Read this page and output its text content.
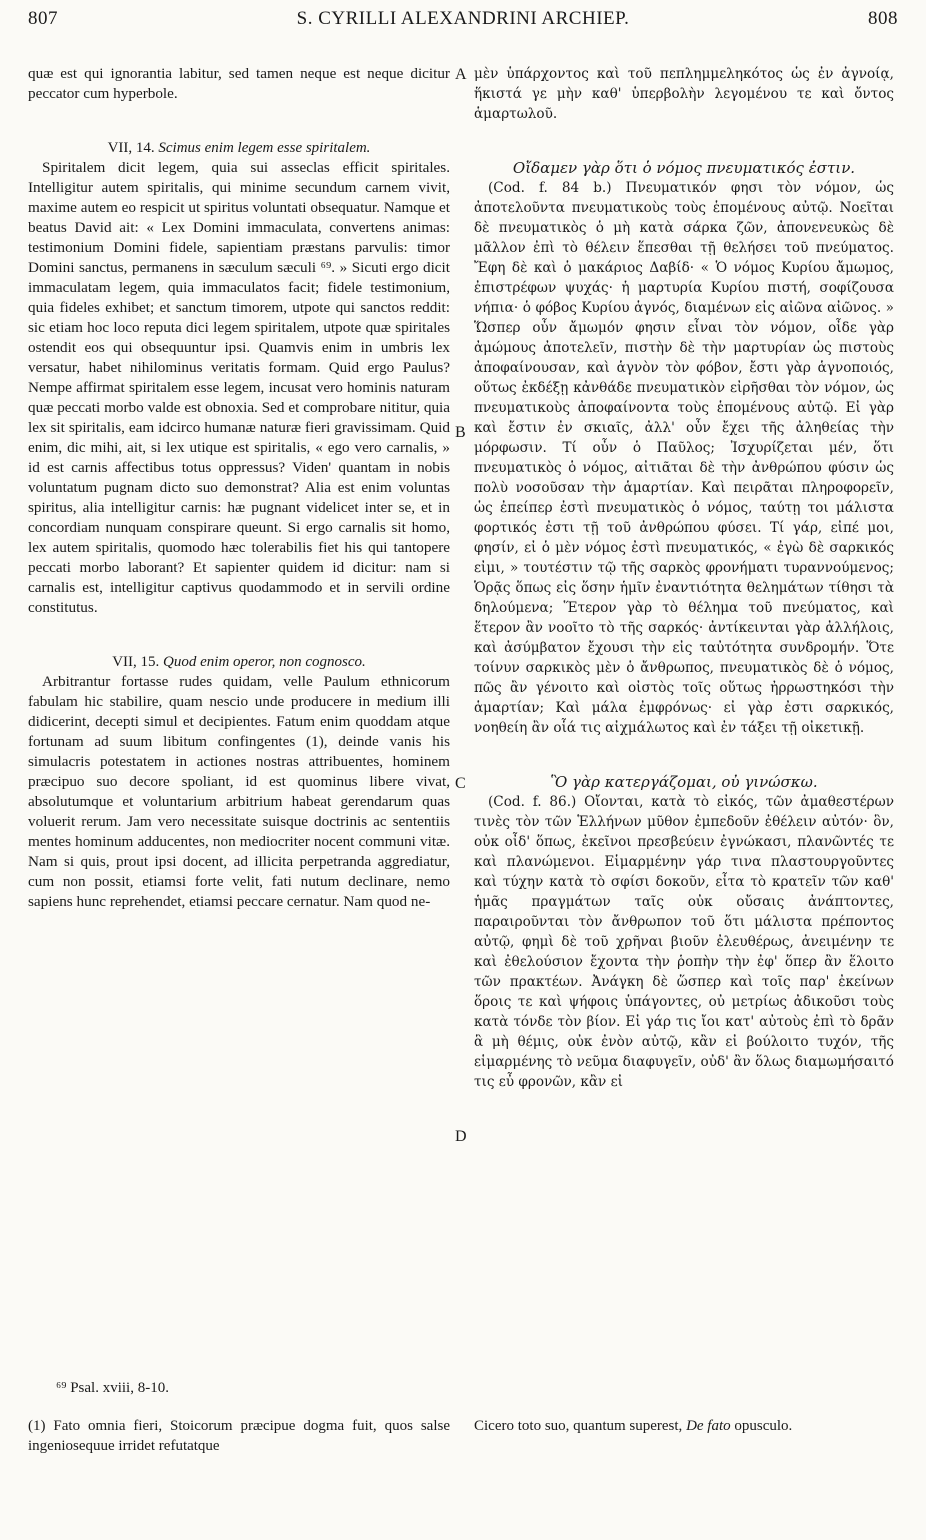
807	S. CYRILLI ALEXANDRINI ARCHIEP.	808

quæ est qui ignorantia labitur, sed tamen neque est neque dicitur peccator cum hyperbole.

VII, 14. Scimus enim legem esse spiritalem.

Spiritalem dicit legem, quia sui asseclas efficit spiritales. Intelligitur autem spiritalis, qui minime secundum carnem vivit, maxime autem eo respicit ut spiritus voluntati obsequatur. Namque et beatus David ait: « Lex Domini immaculata, convertens animas: testimonium Domini fidele, sapientiam præstans parvulis: timor Domini sanctus, permanens in sæculum sæculi ⁶⁹. » Sicuti ergo dicit immaculatam legem, quia immaculatos facit; fidele testimonium, quia fideles exhibet; et sanctum timorem, utpote qui sanctos reddit: sic etiam hoc loco reputa dici legem spiritalem, utpote quæ spiritales ostendit eos qui obsequuntur ipsi. Quamvis enim in umbris lex versatur, habet nihilominus veritatis formam. Quid ergo Paulus? Nempe affirmat spiritalem esse legem, incusat vero hominis naturam quæ peccati morbo valde est obnoxia. Sed et comprobare nititur, quia lex sit spiritalis, eam idcirco humanæ naturæ fieri gravissimam. Quid enim, dic mihi, ait, si lex utique est spiritalis, « ego vero carnalis, » id est carnis affectibus totus oppressus? Viden' quantam in nobis voluntatum pugnam dicto suo demonstrat? Alia est enim voluntas spiritus, alia intelligitur carnis: hæ pugnant videlicet inter se, et in concordiam nunquam conspirare queunt. Si ergo carnalis sit homo, lex autem spiritalis, quomodo hæc tolerabilis fiet his qui tantopere peccati morbo laborant? Et sapienter quidem id dicitur: nam si carnalis est, intelligitur captivus quodammodo et in servili ordine constitutus.

VII, 15. Quod enim operor, non cognosco.

Arbitrantur fortasse rudes quidam, velle Paulum ethnicorum fabulam hic stabilire, quam nescio unde producere in medium illi didicerint, decepti simul et decipientes. Fatum enim quoddam atque fortunam ad suum libitum confingentes (1), deinde vanis his simulacris potestatem in actiones nostras attribuentes, hominem præcipuo suo decore spoliant, id est quominus libere vivat, absolutumque et voluntarium arbitrium habeat gerendarum quas voluerit rerum. Jam vero necessitate suisque doctrinis ac sententiis mentes hominum adducentes, non mediocriter nocent communi vitæ. Nam si quis, prout ipsi docent, ad illicita perpetranda aggrediatur, cum non possit, etiamsi forte velit, fati nutum declinare, nemo sapiens hunc reprehendet, etiamsi peccare cernatur. Nam quod ne-

μὲν ὑπάρχοντος καὶ τοῦ πεπλημμεληκότος ὡς ἐν ἀγνοίᾳ, ἥκιστά γε μὴν καθ' ὑπερβολὴν λεγομένου τε καὶ ὄντος ἁμαρτωλοῦ.

Οἴδαμεν γὰρ ὅτι ὁ νόμος πνευματικός ἐστιν.

(Cod. f. 84 b.) Πνευματικόν φησι τὸν νόμον, ὡς ἀποτελοῦντα πνευματικοὺς τοὺς ἑπομένους αὐτῷ. Νοεῖται δὲ πνευματικὸς ὁ μὴ κατὰ σάρκα ζῶν, ἀπονενευκὼς δὲ μᾶλλον ἐπὶ τὸ θέλειν ἕπεσθαι τῇ θελήσει τοῦ πνεύματος. Ἔφη δὲ καὶ ὁ μακάριος Δαβίδ· « Ὁ νόμος Κυρίου ἄμωμος, ἐπιστρέφων ψυχάς· ἡ μαρτυρία Κυρίου πιστή, σοφίζουσα νήπια· ὁ φόβος Κυρίου ἁγνός, διαμένων εἰς αἰῶνα αἰῶνος. » Ὥσπερ οὖν ἄμωμόν φησιν εἶναι τὸν νόμον, οἶδε γὰρ ἀμώμους ἀποτελεῖν, πιστὴν δὲ τὴν μαρτυρίαν ὡς πιστοὺς ἀποφαίνουσαν, καὶ ἁγνὸν τὸν φόβον, ἔστι γὰρ ἁγνοποιός, οὕτως ἐκδέξῃ κἀνθάδε πνευματικὸν εἰρῆσθαι τὸν νόμον, ὡς πνευματικοὺς ἀποφαίνοντα τοὺς ἑπομένους αὐτῷ. Εἰ γὰρ καὶ ἔστιν ἐν σκιαῖς, ἀλλ' οὖν ἔχει τῆς ἀληθείας τὴν μόρφωσιν. Τί οὖν ὁ Παῦλος; Ἰσχυρίζεται μέν, ὅτι πνευματικὸς ὁ νόμος, αἰτιᾶται δὲ τὴν ἀνθρώπου φύσιν ὡς πολὺ νοσοῦσαν τὴν ἁμαρτίαν. Καὶ πειρᾶται πληροφορεῖν, ὡς ἐπείπερ ἐστὶ πνευματικὸς ὁ νόμος, ταύτῃ τοι μάλιστα φορτικός ἐστι τῇ τοῦ ἀνθρώπου φύσει. Τί γάρ, εἰπέ μοι, φησίν, εἰ ὁ μὲν νόμος ἐστὶ πνευματικός, « ἐγὼ δὲ σαρκικός εἰμι, » τουτέστιν τῷ τῆς σαρκὸς φρονήματι τυραννούμενος; Ὁρᾷς ὅπως εἰς ὅσην ἡμῖν ἐναντιότητα θελημάτων τίθησι τὰ δηλούμενα; Ἕτερον γὰρ τὸ θέλημα τοῦ πνεύματος, καὶ ἕτερον ἂν νοοῖτο τὸ τῆς σαρκός· ἀντίκεινται γὰρ ἀλλήλοις, καὶ ἀσύμβατον ἔχουσι τὴν εἰς ταὐτότητα συνδρομήν. Ὅτε τοίνυν σαρκικὸς μὲν ὁ ἄνθρωπος, πνευματικὸς δὲ ὁ νόμος, πῶς ἂν γένοιτο καὶ οἰστὸς τοῖς οὕτως ἠρρωστηκόσι τὴν ἁμαρτίαν; Καὶ μάλα ἐμφρόνως· εἰ γὰρ ἐστι σαρκικός, νοηθείη ἂν οἷά τις αἰχμάλωτος καὶ ἐν τάξει τῇ οἰκετικῇ.

Ὃ γὰρ κατεργάζομαι, οὐ γινώσκω.

(Cod. f. 86.) Οἴονται, κατὰ τὸ εἰκός, τῶν ἀμαθεστέρων τινὲς τὸν τῶν Ἑλλήνων μῦθον ἐμπεδοῦν ἐθέλειν αὐτόν· ὃν, οὐκ οἶδ' ὅπως, ἐκεῖνοι πρεσβεύειν ἐγνώκασι, πλανῶντές τε καὶ πλανώμενοι. Εἱμαρμένην γάρ τινα πλαστουργοῦντες καὶ τύχην κατὰ τὸ σφίσι δοκοῦν, εἶτα τὸ κρατεῖν τῶν καθ' ἡμᾶς πραγμάτων ταῖς οὐκ οὔσαις ἀνάπτοντες, παραιροῦνται τὸν ἄνθρωπον τοῦ ὅτι μάλιστα πρέποντος αὐτῷ, φημὶ δὲ τοῦ χρῆναι βιοῦν ἐλευθέρως, ἀνειμένην τε καὶ ἐθελούσιον ἔχοντα τὴν ῥοπὴν τὴν ἐφ' ὅπερ ἂν ἕλοιτο τῶν πρακτέων. Ἀνάγκη δὲ ὥσπερ καὶ τοῖς παρ' ἐκείνων ὅροις τε καὶ ψήφοις ὑπάγοντες, οὐ μετρίως ἀδικοῦσι τοὺς κατὰ τόνδε τὸν βίον. Εἰ γάρ τις ἴοι κατ' αὐτοὺς ἐπὶ τὸ δρᾶν ἃ μὴ θέμις, οὐκ ἐνὸν αὐτῷ, κἂν εἰ βούλοιτο τυχόν, τῆς εἱμαρμένης τὸ νεῦμα διαφυγεῖν, οὐδ' ἂν ὅλως διαμωμήσαιτό τις εὖ φρονῶν, κἂν εἰ

A
B
C
D
⁶⁹ Psal. xviii, 8-10.
(1) Fato omnia fieri, Stoicorum præcipue dogma fuit, quos salse ingeniosequue irridet refutatque
Cicero toto suo, quantum superest, De fato opusculo.
